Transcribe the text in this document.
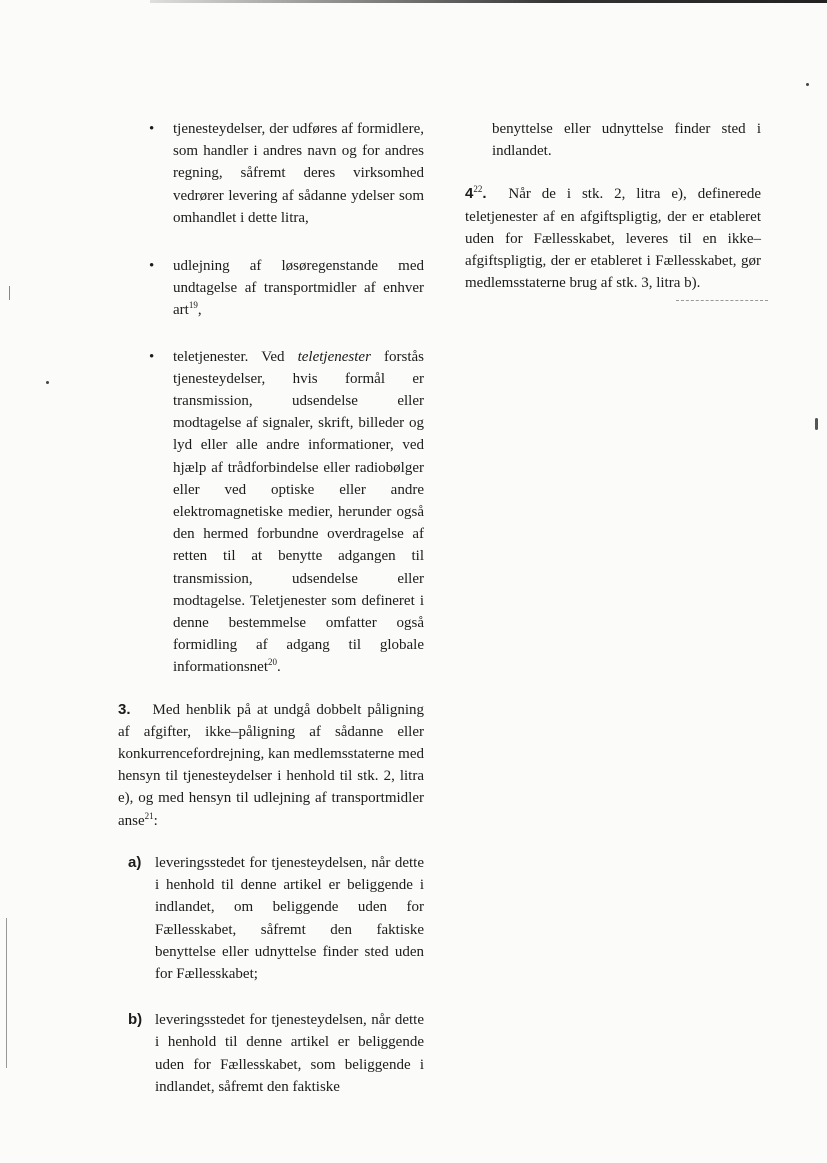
• tjenesteydelser, der udføres af formidlere, som handler i andres navn og for andres regning, såfremt deres virksomhed vedrører levering af sådanne ydelser som omhandlet i dette litra,

• udlejning af løsøregenstande med undtagelse af transportmidler af enhver art$^{19}$,

• teletjenester. Ved teletjenester forstås tjenesteydelser, hvis formål er transmission, udsendelse eller modtagelse af signaler, skrift, billeder og lyd eller alle andre informationer, ved hjælp af trådforbindelse eller radiobølger eller ved optiske eller andre elektromagnetiske medier, herunder også den hermed forbundne overdragelse af retten til at benytte adgangen til transmission, udsendelse eller modtagelse. Teletjenester som defineret i denne bestemmelse omfatter også formidling af adgang til globale informationsnet$^{20}$.

3. Med henblik på at undgå dobbelt påligning af afgifter, ikke–påligning af sådanne eller konkurrencefordrejning, kan medlemsstaterne med hensyn til tjenesteydelser i henhold til stk. 2, litra e), og med hensyn til udlejning af transportmidler anse$^{21}$:

a) leveringsstedet for tjenesteydelsen, når dette i henhold til denne artikel er beliggende i indlandet, om beliggende uden for Fællesskabet, såfremt den faktiske benyttelse eller udnyttelse finder sted uden for Fællesskabet;

b) leveringsstedet for tjenesteydelsen, når dette i henhold til denne artikel er beliggende uden for Fællesskabet, som beliggende i indlandet, såfremt den faktiske

benyttelse eller udnyttelse finder sted i indlandet.

$4^{22}$. Når de i stk. 2, litra e), definerede teletjenester af en afgiftspligtig, der er etableret uden for Fællesskabet, leveres til en ikke–afgiftspligtig, der er etableret i Fællesskabet, gør medlemsstaterne brug af stk. 3, litra b).
